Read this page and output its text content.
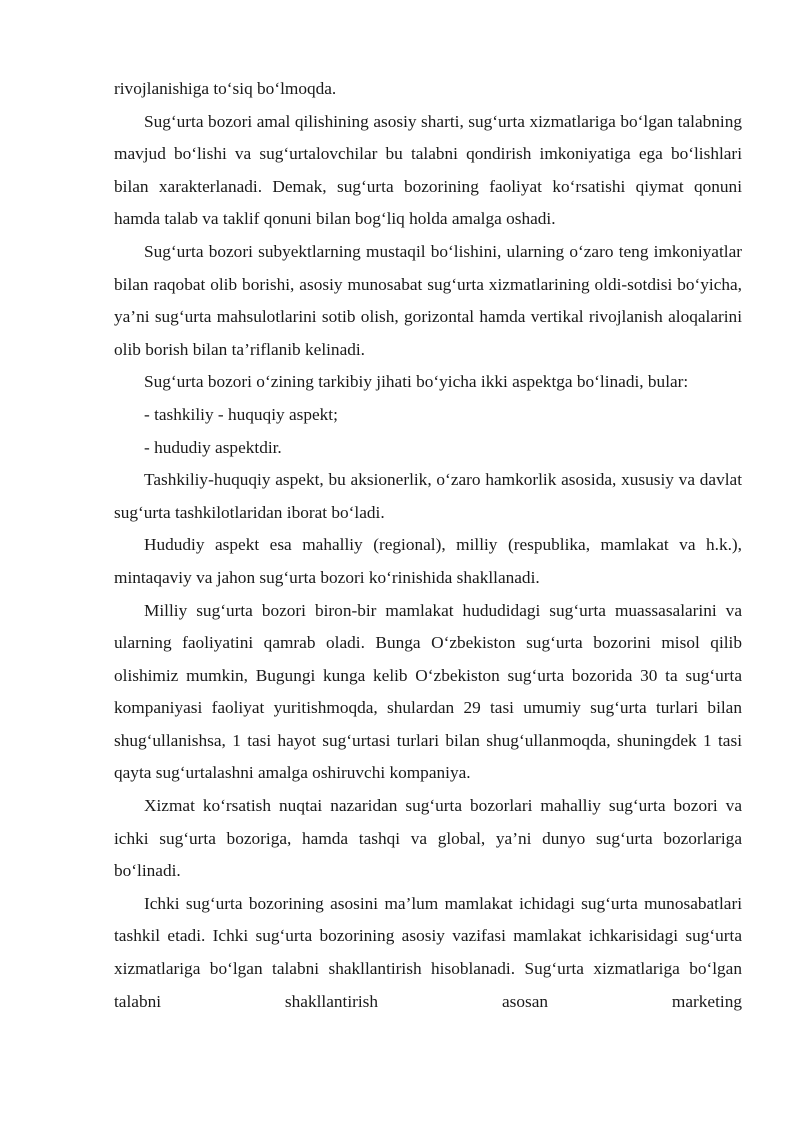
rivojlanishiga to‘siq bo‘lmoqda.

Sug‘urta bozori amal qilishining asosiy sharti, sug‘urta xizmatlariga bo‘lgan talabning mavjud bo‘lishi va sug‘urtalovchilar bu talabni qondirish imkoniyatiga ega bo‘lishlari bilan xarakterlanadi. Demak, sug‘urta bozorining faoliyat ko‘rsatishi qiymat qonuni hamda talab va taklif qonuni bilan bog‘liq holda amalga oshadi.

Sug‘urta bozori subyektlarning mustaqil bo‘lishini, ularning o‘zaro teng imkoniyatlar bilan raqobat olib borishi, asosiy munosabat sug‘urta xizmatlarining oldi-sotdisi bo‘yicha, ya’ni sug‘urta mahsulotlarini sotib olish, gorizontal hamda vertikal rivojlanish aloqalarini olib borish bilan ta’riflanib kelinadi.

Sug‘urta bozori o‘zining tarkibiy jihati bo‘yicha ikki aspektga bo‘linadi, bular:

- tashkiliy - huquqiy aspekt;

- hududiy aspektdir.

Tashkiliy-huquqiy aspekt, bu aksionerlik, o‘zaro hamkorlik asosida, xususiy va davlat sug‘urta tashkilotlaridan iborat bo‘ladi.

Hududiy aspekt esa mahalliy (regional), milliy (respublika, mamlakat va h.k.), mintaqaviy va jahon sug‘urta bozori ko‘rinishida shakllanadi.

Milliy sug‘urta bozori biron-bir mamlakat hududidagi sug‘urta muassasalarini va ularning faoliyatini qamrab oladi. Bunga O‘zbekiston sug‘urta bozorini misol qilib olishimiz mumkin, Bugungi kunga kelib O‘zbekiston sug‘urta bozorida 30 ta sug‘urta kompaniyasi faoliyat yuritishmoqda, shulardan 29 tasi umumiy sug‘urta turlari bilan shug‘ullanishsa, 1 tasi hayot sug‘urtasi turlari bilan shug‘ullanmoqda, shuningdek 1 tasi qayta sug‘urtalashni amalga oshiruvchi kompaniya.

Xizmat ko‘rsatish nuqtai nazaridan sug‘urta bozorlari mahalliy sug‘urta bozori va ichki sug‘urta bozoriga, hamda tashqi va global, ya’ni dunyo sug‘urta bozorlariga bo‘linadi.

Ichki sug‘urta bozorining asosini ma’lum mamlakat ichidagi sug‘urta munosabatlari tashkil etadi. Ichki sug‘urta bozorining asosiy vazifasi mamlakat ichkarisidagi sug‘urta xizmatlariga bo‘lgan talabni shakllantirish hisoblanadi. Sug‘urta xizmatlariga bo‘lgan talabni shakllantirish asosan marketing
